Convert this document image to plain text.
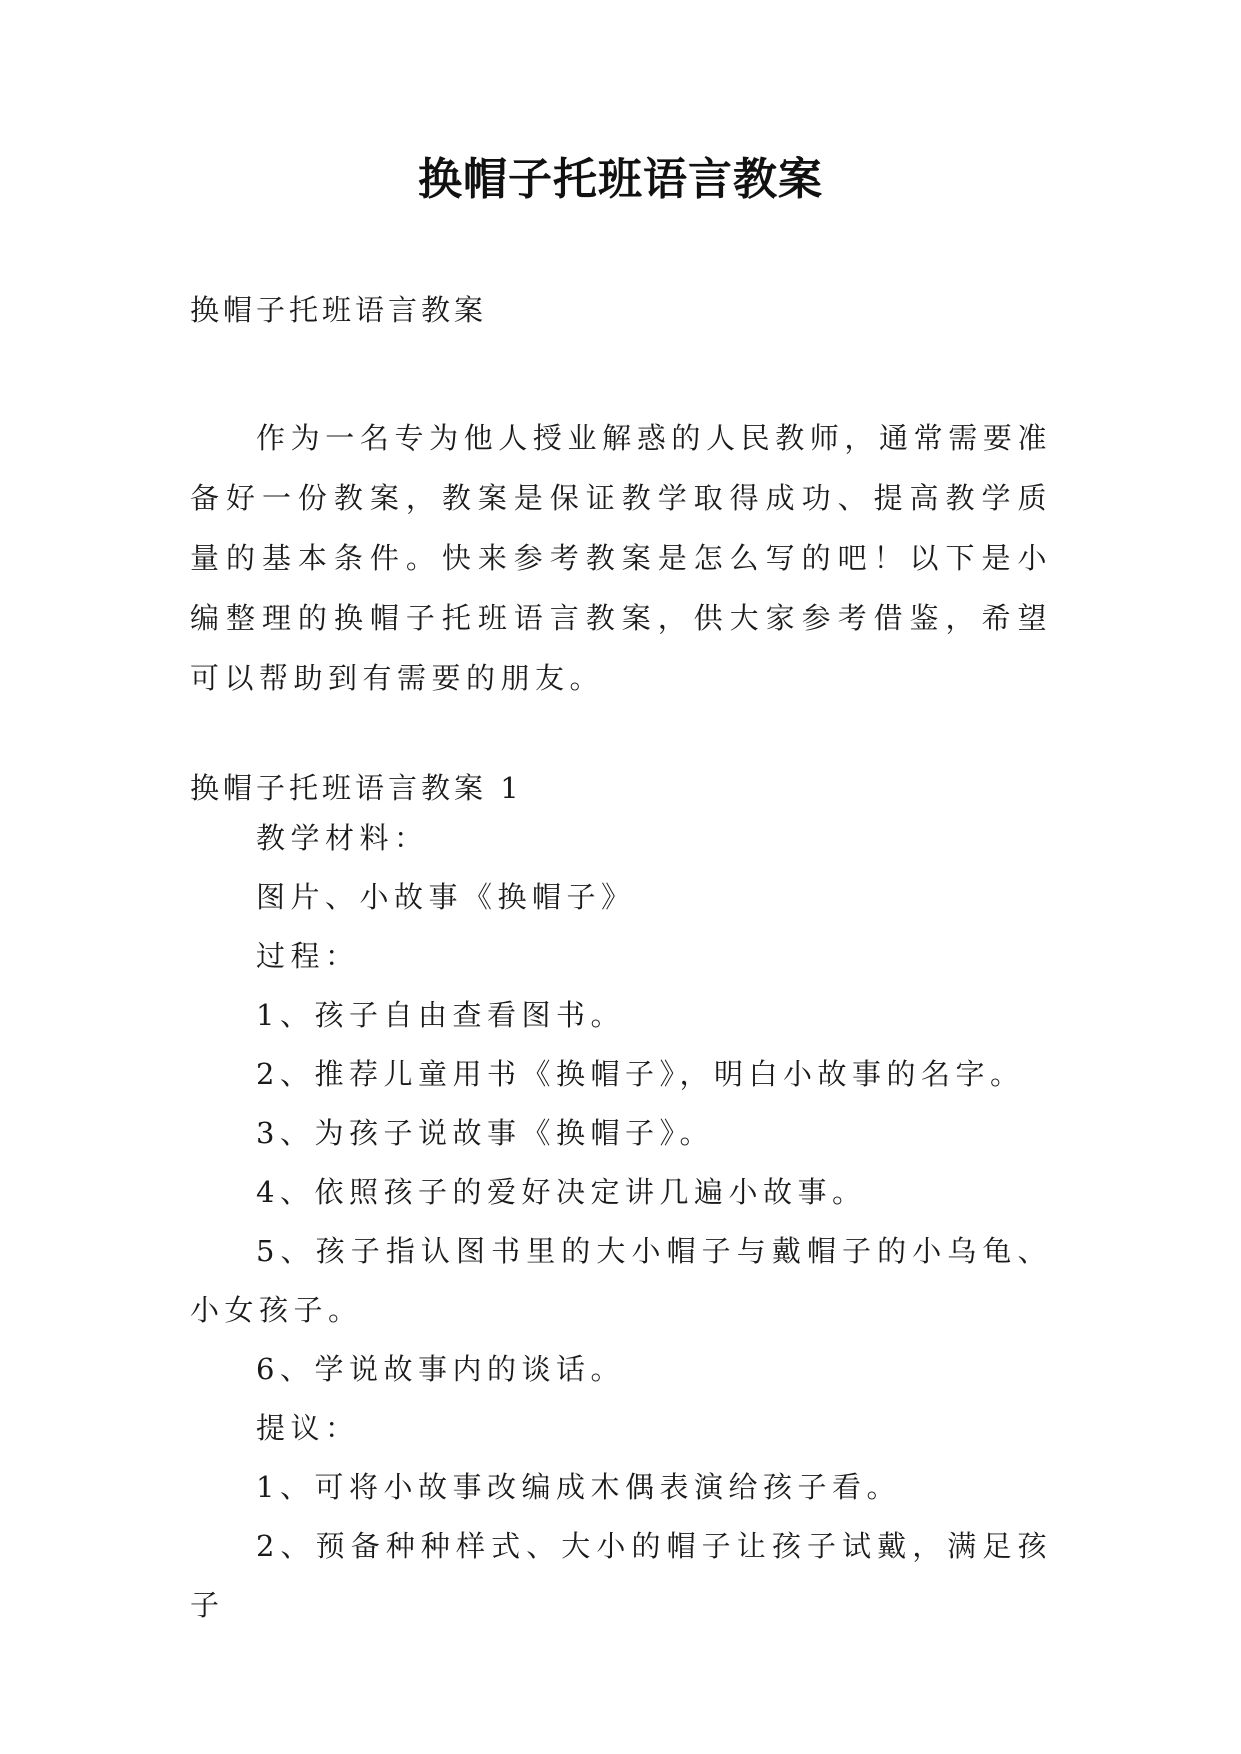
换帽子托班语言教案
换帽子托班语言教案

作为一名专为他人授业解惑的人民教师，通常需要准备好一份教案，教案是保证教学取得成功、提高教学质量的基本条件。快来参考教案是怎么写的吧！以下是小编整理的换帽子托班语言教案，供大家参考借鉴，希望可以帮助到有需要的朋友。

换帽子托班语言教案 1

教学材料：

图片、小故事《换帽子》

过程：

1、孩子自由查看图书。

2、推荐儿童用书《换帽子》，明白小故事的名字。

3、为孩子说故事《换帽子》。

4、依照孩子的爱好决定讲几遍小故事。

5、孩子指认图书里的大小帽子与戴帽子的小乌龟、小女孩子。

6、学说故事内的谈话。

提议：

1、可将小故事改编成木偶表演给孩子看。

2、预备种种样式、大小的帽子让孩子试戴，满足孩子
